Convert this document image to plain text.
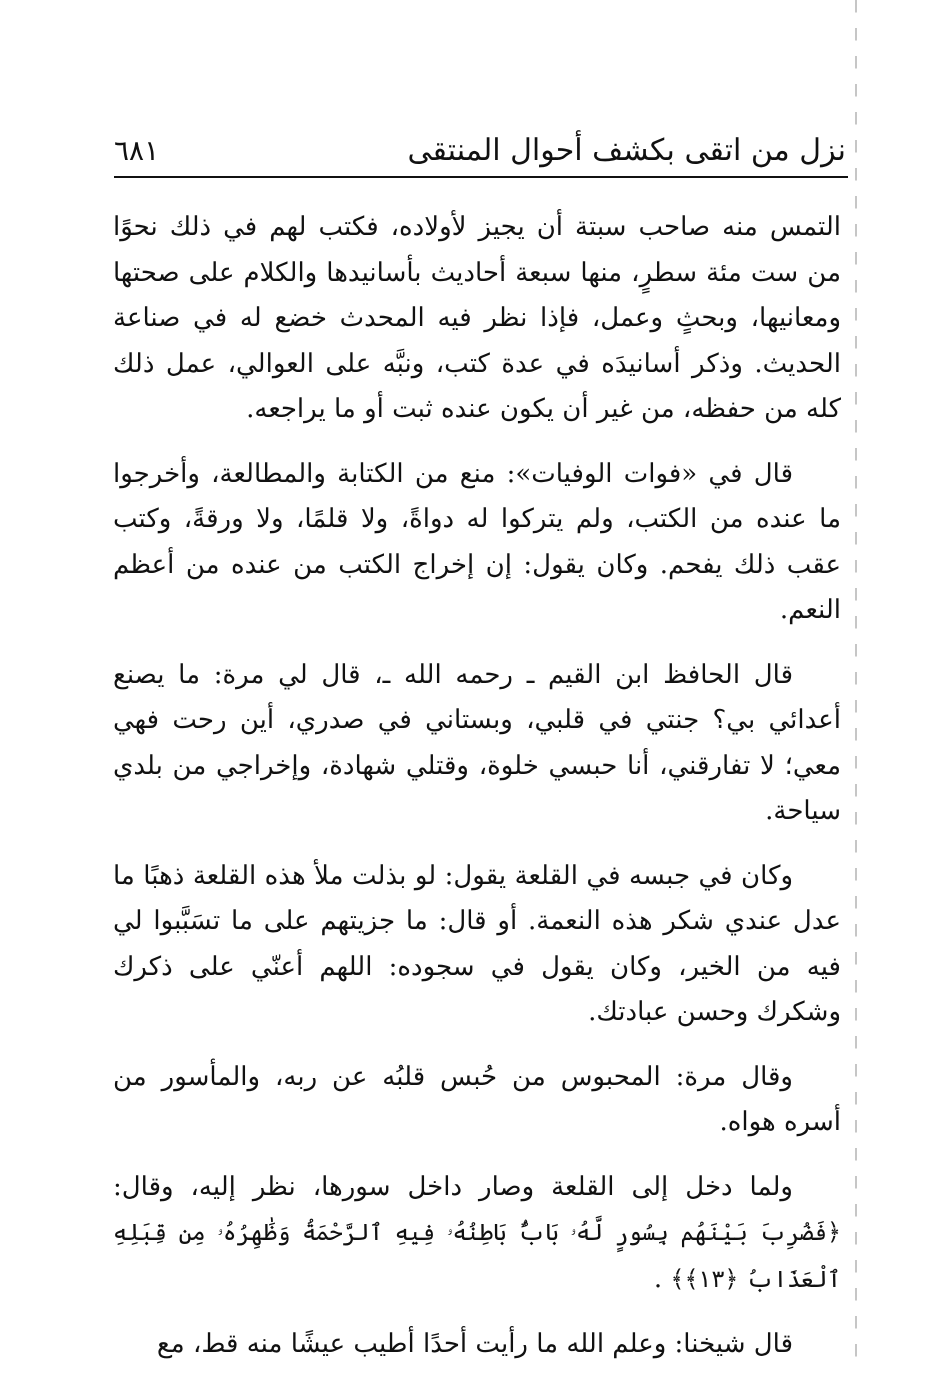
نزل من اتقى بكشف أحوال المنتقى
٦٨١

التمس منه صاحب سبتة أن يجيز لأولاده، فكتب لهم في ذلك نحوًا من ست مئة سطرٍ، منها سبعة أحاديث بأسانيدها والكلام على صحتها ومعانيها، وبحثٍ وعمل، فإذا نظر فيه المحدث خضع له في صناعة الحديث. وذكر أسانيدَه في عدة كتب، ونبَّه على العوالي، عمل ذلك كله من حفظه، من غير أن يكون عنده ثبت أو ما يراجعه.

قال في «فوات الوفيات»: منع من الكتابة والمطالعة، وأخرجوا ما عنده من الكتب، ولم يتركوا له دواةً، ولا قلمًا، ولا ورقةً، وكتب عقب ذلك يفحم. وكان يقول: إن إخراج الكتب من عنده من أعظم النعم.

قال الحافظ ابن القيم ـ رحمه الله ـ، قال لي مرة: ما يصنع أعدائي بي؟ جنتي في قلبي، وبستاني في صدري، أين رحت فهي معي؛ لا تفارقني، أنا حبسي خلوة، وقتلي شهادة، وإخراجي من بلدي سياحة.

وكان في جبسه في القلعة يقول: لو بذلت ملأ هذه القلعة ذهبًا ما عدل عندي شكر هذه النعمة. أو قال: ما جزيتهم على ما تسَبَّبوا لي فيه من الخير، وكان يقول في سجوده: اللهم أعنّي على ذكرك وشكرك وحسن عبادتك.

وقال مرة: المحبوس من حُبس قلبُه عن ربه، والمأسور من أسره هواه.

ولما دخل إلى القلعة وصار داخل سورها، نظر إليه، وقال: ﴿فَضُرِبَ بَيْنَهُم بِسُورٍ لَّهُۥ بَابٌۢ بَاطِنُهُۥ فِيهِ ٱلرَّحْمَةُ وَظَٰهِرُهُۥ مِن قِبَلِهِ ٱلْعَذَابُ ﴿١٣﴾﴾ .

قال شيخنا: وعلم الله ما رأيت أحدًا أطيب عيشًا منه قط، مع
